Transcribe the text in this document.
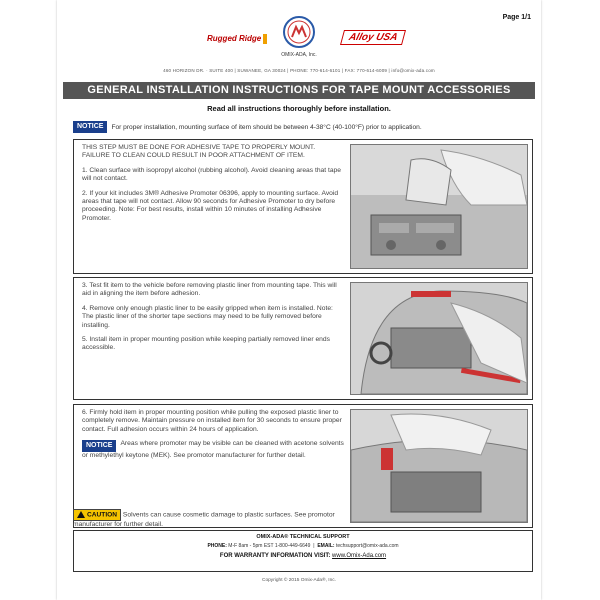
Page 1/1
Rugged Ridge
OMIX-ADA, Inc.
Alloy USA
460 HORIZON DR. · SUITE 400 | SUWANEE, GA 30024 | PHONE: 770-614-6101 | FAX: 770-614-6009 | info@omix-ada.com
GENERAL INSTALLATION INSTRUCTIONS FOR TAPE MOUNT ACCESSORIES
Read all instructions thoroughly before installation.
NOTICE For proper installation, mounting surface of item should be between 4-38°C (40-100°F) prior to application.

THIS STEP MUST BE DONE FOR ADHESIVE TAPE TO PROPERLY MOUNT. FAILURE TO CLEAN COULD RESULT IN POOR ATTACHMENT OF ITEM.

1. Clean surface with isopropyl alcohol (rubbing alcohol). Avoid cleaning areas that tape will not contact.

2. If your kit includes 3M® Adhesive Promoter 06396, apply to mounting surface. Avoid areas that tape will not contact. Allow 90 seconds for Adhesive Promoter to dry before proceeding. Note: For best results, install within 10 minutes of installing Adhesive Promoter.

3. Test fit item to the vehicle before removing plastic liner from mounting tape. This will aid in aligning the item before adhesion.

4. Remove only enough plastic liner to be easily gripped when item is installed. Note: The plastic liner of the shorter tape sections may need to be fully removed before installing.

5. Install item in proper mounting position while keeping partially removed liner ends accessible.

6. Firmly hold item in proper mounting position while pulling the exposed plastic liner to completely remove. Maintain pressure on installed item for 30 seconds to ensure proper contact. Full adhesion occurs within 24 hours of application.

NOTICE Areas where promoter may be visible can be cleaned with acetone solvents or methylethyl keytone (MEK). See promotor manufacturer for further detail.

CAUTION Solvents can cause cosmetic damage to plastic surfaces. See promotor manufacturer for further detail.
OMIX-ADA® TECHNICAL SUPPORT
PHONE: M-F 8am - 5pm EST 1-800-449-6649  |  EMAIL: techsupport@omix-ada.com
FOR WARRANTY INFORMATION VISIT: www.Omix-Ada.com
Copyright © 2015 Omix-Ada®, Inc.
